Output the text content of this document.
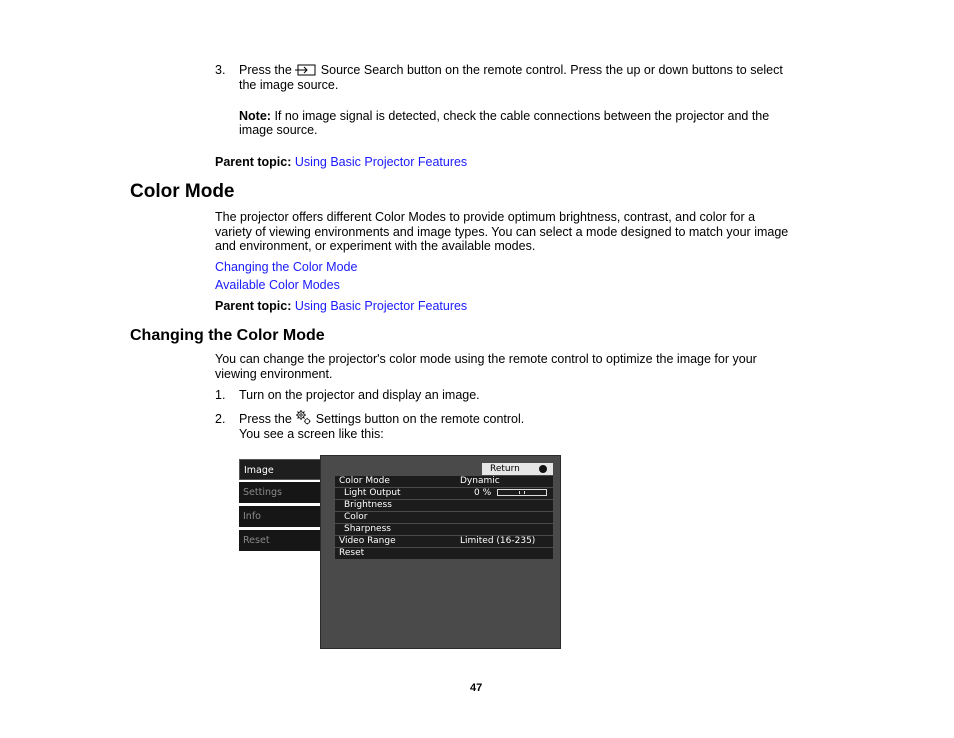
3. Press the Source Search button on the remote control. Press the up or down buttons to select
the image source.
Note: If no image signal is detected, check the cable connections between the projector and the
image source.
Parent topic: Using Basic Projector Features
Color Mode
The projector offers different Color Modes to provide optimum brightness, contrast, and color for a
variety of viewing environments and image types. You can select a mode designed to match your image
and environment, or experiment with the available modes.
Changing the Color Mode
Available Color Modes
Parent topic: Using Basic Projector Features
Changing the Color Mode
You can change the projector's color mode using the remote control to optimize the image for your
viewing environment.
1. Turn on the projector and display an image.
2. Press the Settings button on the remote control.
You see a screen like this:
Image
Settings
Info
Reset
Return
Color Mode	Dynamic
Light Output	0 %
Brightness
Color
Sharpness
Video Range	Limited (16-235)
Reset
47
